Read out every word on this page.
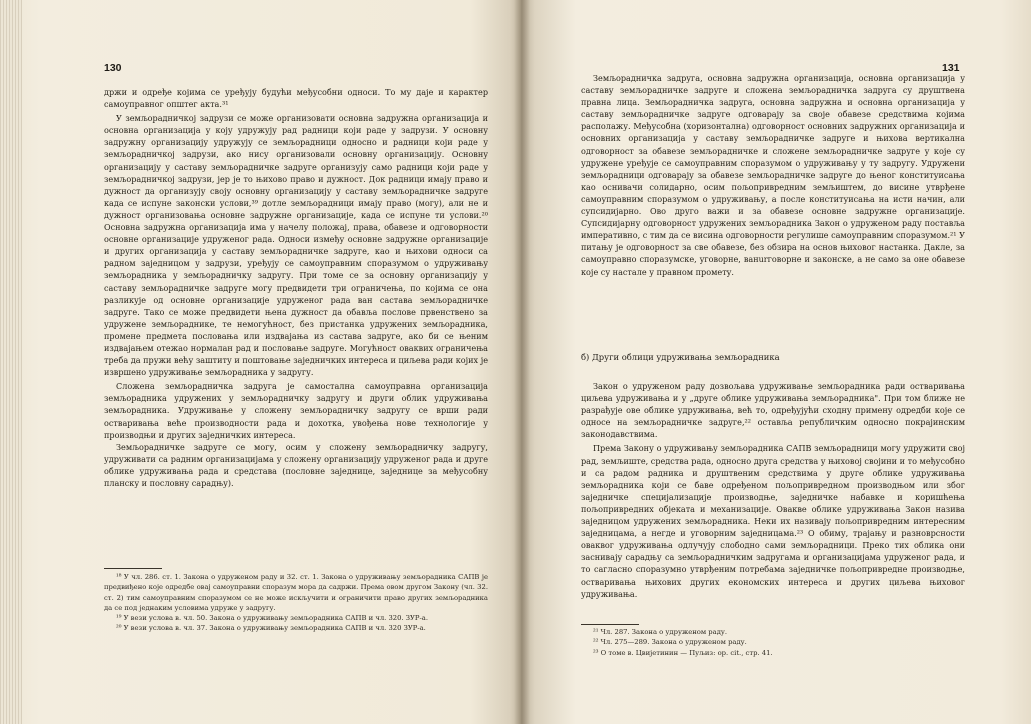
130

држи и одређе којима се уређују будући међусобни односи. То му даје и карактер самоуправног општег акта.³¹

У земљорадничкој задрузи се може организовати основна задружна организација и основна организација у коју удружују рад радници који раде у задрузи. У основну задружну организацију удружују се земљорадници односно и радници који раде у земљорадничкој задрузи, ако нису организовали основну организацију. Основну организацију у саставу земљорадничке задруге организују само радници који раде у земљорадничкој задрузи, јер је то њихово право и дужност. Док радници имају право и дужност да организују своју основну организацију у саставу земљорадничке задруге када се испуне законски услови,³⁹ дотле земљорадници имају право (могу), али не и дужност организовања основне задружне организације, када се испуне ти услови.²⁰ Основна задружна организација има у начелу положај, права, обавезе и одговорности основне организације удруженог рада. Односи између основне задружне организације и других организација у саставу земљорадничке задруге, као и њихови односи са радном заједницом у задрузи, уређују се самоуправним споразумом о удруживању земљорадника у земљорадничку задругу. При томе се за основну организацију у саставу земљорадничке задруге могу предвидети три ограничења, по којима се она разликује од основне организације удруженог рада ван састава земљорадничке задруге. Тако се може предвидети њена дужност да обавља послове првенствено за удружене земљораднике, те немогућност, без пристанка удружених земљорадника, промене предмета пословања или издвајања из састава задруге, ако би се њеним издвајањем отежао нормалан рад и пословање задруге. Могућност оваквих ограничења треба да пружи већу заштиту и поштовање заједничких интереса и циљева ради којих је извршено удруживање земљорадника у задругу.

Сложена земљорадничка задруга је самостална самоуправна организација земљорадника удружених у земљорадничку задругу и други облик удруживања земљорадника. Удруживање у сложену земљорадничку задругу се врши ради остваривања веће производности рада и дохотка, увођења нове технологије у производњи и других заједничких интереса.

Земљорадничке задруге се могу, осим у сложену земљорадничку задругу, удруживати са радним организацијама у сложену организацију удруженог рада и друге облике удруживања рада и средстава (пословне заједнице, заједнице за међусобну планску и пословну сарадњу).

¹⁸ У чл. 286. ст. 1. Закона о удруженом раду и 32. ст. 1. Закона о удруживању земљорадника САПВ је предвиђено које одредбе овај самоуправни споразум мора да садржи. Према овом другом Закону (чл. 32. ст. 2) тим самоуправним споразумом се не може искључити и ограничити право других земљорадника да се под једнаким условима удруже у задругу.

¹⁹ У вези услова в. чл. 50. Закона о удруживању земљорадника САПВ и чл. 320. ЗУР-а.

²⁰ У вези услова в. чл. 37. Закона о удруживању земљорадника САПВ и чл. 320 ЗУР-а.

131

Земљорадничка задруга, основна задружна организација, основна организација у саставу земљорадничке задруге и сложена земљорадничка задруга су друштвена правна лица. Земљорадничка задруга, основна задружна и основна организација у саставу земљорадничке задруге одговарају за своје обавезе средствима којима располажу. Међусобна (хоризонтална) одговорност основних задружних организација и основних организација у саставу земљорадничке задруге и њихова вертикална одговорност за обавезе земљорадничке и сложене земљорадничке задруге у које су удружене уређује се самоуправним споразумом о удруживању у ту задругу. Удружени земљорадници одговарају за обавезе земљорадничке задруге до њеног конституисања као оснивачи солидарно, осим пољопривредним земљиштем, до висине утврђене самоуправним споразумом о удруживању, а после конституисања на исти начин, али супсидијарно. Ово друго важи и за обавезе основне задружне организације. Супсидијарну одговорност удружених земљорадника Закон о удруженом раду поставља императивно, с тим да се висина одговорности регулише самоуправним споразумом.²¹ У питању је одговорност за све обавезе, без обзира на основ њиховог настанка. Дакле, за самоуправно споразумске, уговорне, ванurговорне и законске, а не само за оне обавезе које су настале у правном промету.

б) Други облици удруживања земљорадника

Закон о удруженом раду дозвољава удруживање земљорадника ради остваривања циљева удруживања и у „друге облике удруживања земљорадника". При том ближе не разрађује ове облике удруживања, већ то, одређујући сходну примену одредби које се односе на земљорадничке задруге,²² оставља републичким односно покрајинским законодавствима.

Према Закону о удруживању земљорадника САПВ земљорадници могу удружити свој рад, земљиште, средства рада, односно друга средства у њиховој својини и то међусобно и са радом радника и друштвеним средствима у друге облике удруживања земљорадника који се баве одређеном пољопривредном производњом или због заједничке специјализације производње, заједничке набавке и коришћења пољопривредних објеката и механизације. Овакве облике удруживања Закон назива заједницом удружених земљорадника. Неки их називају пољопривредним интересним заједницама, а негде и уговорним заједницама.²³ О обиму, трајању и разноврсности оваквог удруживања одлучују слободно сами земљорадници. Преко тих облика они заснивају сарадњу са земљорадничким задругама и организацијама удруженог рада, и то сагласно споразумно утврђеним потребама заједничке пољопривредне производње, остваривања њихових других економских интереса и других циљева њиховог удруживања.

²¹ Чл. 287. Закона о удруженом раду.

²² Чл. 275—289. Закона о удруженом раду.

²³ О томе в. Цвијетинин — Пуљиз: op. cit., стр. 41.
